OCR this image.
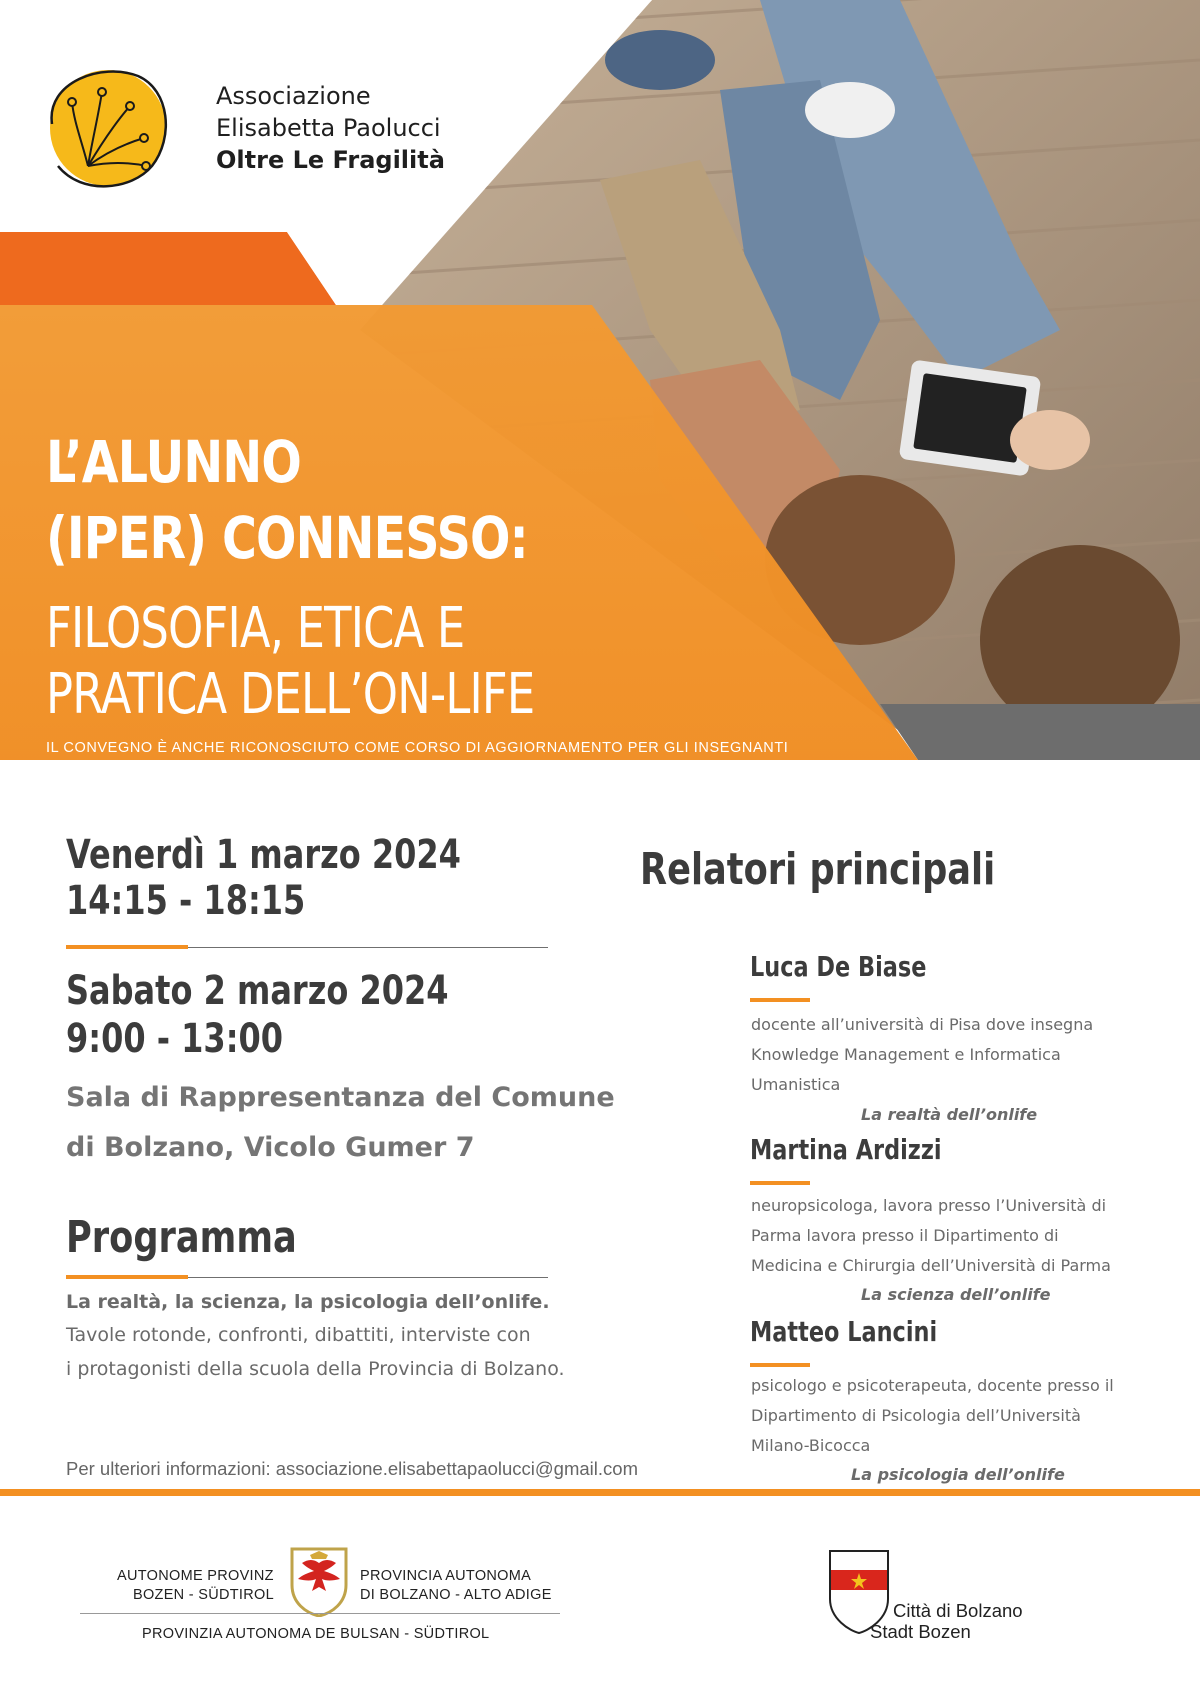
Associazione
Elisabetta Paolucci
Oltre Le Fragilità
L’ALUNNO
(IPER) CONNESSO:
FILOSOFIA, ETICA E
PRATICA DELL’ON-LIFE
IL CONVEGNO È ANCHE RICONOSCIUTO COME CORSO DI AGGIORNAMENTO PER GLI INSEGNANTI
DELLE SCUOLE DI OGNI ORDINE E GRADO IN LINGUA ITALIANA DELLA PROVINCIA DI BOLZANO
Venerdì 1 marzo 2024
14:15 - 18:15
Sabato 2 marzo 2024
9:00 - 13:00
Sala di Rappresentanza del Comune
di Bolzano, Vicolo Gumer 7
Programma
La realtà, la scienza, la psicologia dell’onlife.
Tavole rotonde, confronti, dibattiti, interviste con
i protagonisti della scuola della Provincia di Bolzano.
Per ulteriori informazioni: associazione.elisabettapaolucci@gmail.com
Relatori principali
Luca De Biase
docente all’università di Pisa dove insegna
Knowledge Management e Informatica
Umanistica
La realtà dell’onlife
Martina Ardizzi
neuropsicologa, lavora presso l’Università di
Parma lavora presso il Dipartimento di
Medicina e Chirurgia dell’Università di Parma
La scienza dell’onlife
Matteo Lancini
psicologo e psicoterapeuta, docente presso il
Dipartimento di Psicologia dell’Università
Milano-Bicocca
La psicologia dell’onlife
AUTONOME PROVINZ
BOZEN - SÜDTIROL
PROVINCIA AUTONOMA
DI BOLZANO - ALTO ADIGE
PROVINZIA AUTONOMA DE BULSAN - SÜDTIROL
Città di Bolzano
Stadt Bozen
